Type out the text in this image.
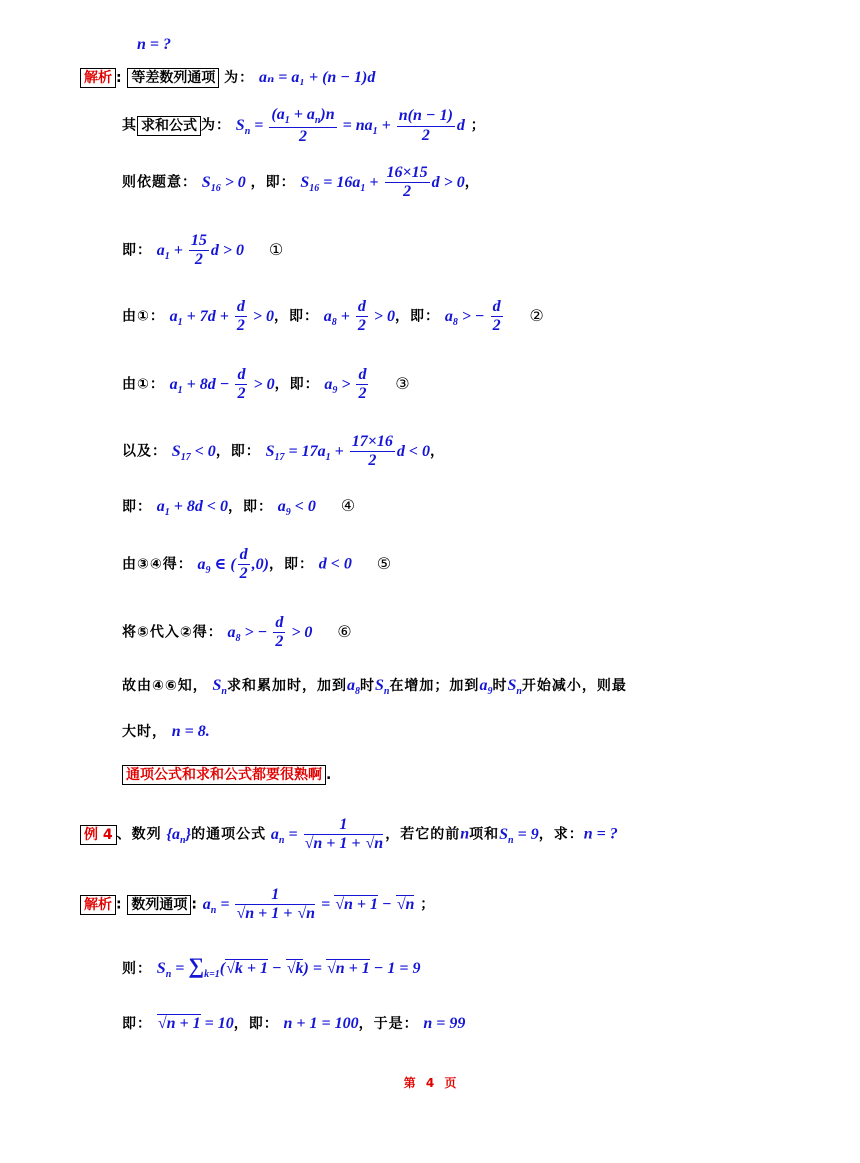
n = ?
解析 : 等差数列通项 为： aₙ = a₁ + (n − 1)d
其 求和公式 为： $S_n = \frac{(a_1 + a_n)n}{2} = na_1 + \frac{n(n - 1)}{2}$ d ；
则依题意： $S_{16} > 0$ ，即： $S_{16} = 16a_1 + \frac{16\times 15}{2}$ d > 0，
即： $a_1 + \frac{15}{2}$ d > 0 ①
由①： $a_1 + 7d + \frac{d}{2} > 0$，即： $a_8 + \frac{d}{2} > 0$，即： $a_8$ > − $\frac{d}{2}$ ②
由①： $a_1 + 8d - \frac{d}{2} > 0$，即： $a_9 > \frac{d}{2}$ ③
以及： $S_{17} < 0$，即： $S_{17} = 17a_1 + \frac{17\times 16}{2}$ d < 0，
即： $a_1 + 8d < 0$，即： $a_9 < 0$ ④
由③④得： $a_9$ ∈ ( $\frac{d}{2} ,0$)，即： d < 0 ⑤
将⑤代入②得： $a_8$ > − $\frac{d}{2} > 0$ ⑥
故由④⑥知， $S_n$求和累加时，加到$a_8$时$S_n$在增加；加到$a_9$时$S_n$开始减小，则最
大时， n = 8.
通项公式和求和公式都要很熟啊 .
例 4 、数列 $\{a_n\}$的通项公式 $a_n = \frac{1}{√n + 1 + √n}$ ，若它的前n项和$S_n = 9$，求：n = ?
解析 : 数列通项 : $a_n = \frac{1}{√n + 1 + √n} = √n + 1 - √n$ ；
则： $S_n = \sum_{k=1}(√k + 1 - √k) = √n + 1 - 1 = 9$
即： √n + 1 = 10，即： n + 1 = 100，于是： n = 99
第 4 页
